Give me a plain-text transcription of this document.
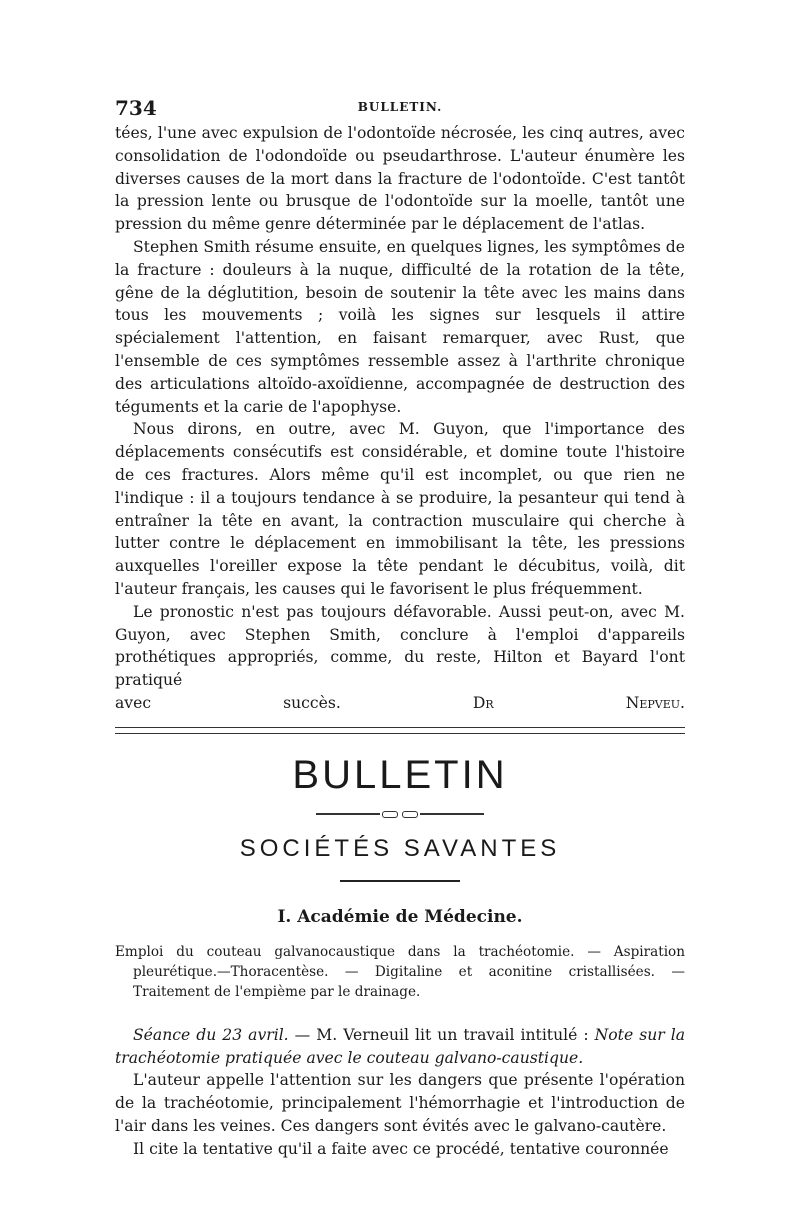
734	BULLETIN.

tées, l'une avec expulsion de l'odontoïde nécrosée, les cinq autres, avec consolidation de l'odondoïde ou pseudarthrose. L'auteur énumère les diverses causes de la mort dans la fracture de l'odontoïde. C'est tantôt la pression lente ou brusque de l'odontoïde sur la moelle, tantôt une pression du même genre déterminée par le déplacement de l'atlas.

Stephen Smith résume ensuite, en quelques lignes, les symptômes de la fracture : douleurs à la nuque, difficulté de la rotation de la tête, gêne de la déglutition, besoin de soutenir la tête avec les mains dans tous les mouvements ; voilà les signes sur lesquels il attire spécialement l'attention, en faisant remarquer, avec Rust, que l'ensemble de ces symptômes ressemble assez à l'arthrite chronique des articulations altoïdo-axoïdienne, accompagnée de destruction des téguments et la carie de l'apophyse.

Nous dirons, en outre, avec M. Guyon, que l'importance des déplacements consécutifs est considérable, et domine toute l'histoire de ces fractures. Alors même qu'il est incomplet, ou que rien ne l'indique : il a toujours tendance à se produire, la pesanteur qui tend à entraîner la tête en avant, la contraction musculaire qui cherche à lutter contre le déplacement en immobilisant la tête, les pressions auxquelles l'oreiller expose la tête pendant le décubitus, voilà, dit l'auteur français, les causes qui le favorisent le plus fréquemment.

Le pronostic n'est pas toujours défavorable. Aussi peut-on, avec M. Guyon, avec Stephen Smith, conclure à l'emploi d'appareils prothétiques appropriés, comme, du reste, Hilton et Bayard l'ont pratiqué

avec succès.	Dr Nepveu.

BULLETIN
SOCIÉTÉS SAVANTES
I. Académie de Médecine.

Emploi du couteau galvanocaustique dans la trachéotomie. — Aspiration pleurétique.—Thoracentèse. — Digitaline et aconitine cristallisées. — Traitement de l'empième par le drainage.

Séance du 23 avril. — M. Verneuil lit un travail intitulé : Note sur la trachéotomie pratiquée avec le couteau galvano-caustique.

L'auteur appelle l'attention sur les dangers que présente l'opération de la trachéotomie, principalement l'hémorrhagie et l'introduction de l'air dans les veines. Ces dangers sont évités avec le galvano-cautère.

Il cite la tentative qu'il a faite avec ce procédé, tentative couronnée
